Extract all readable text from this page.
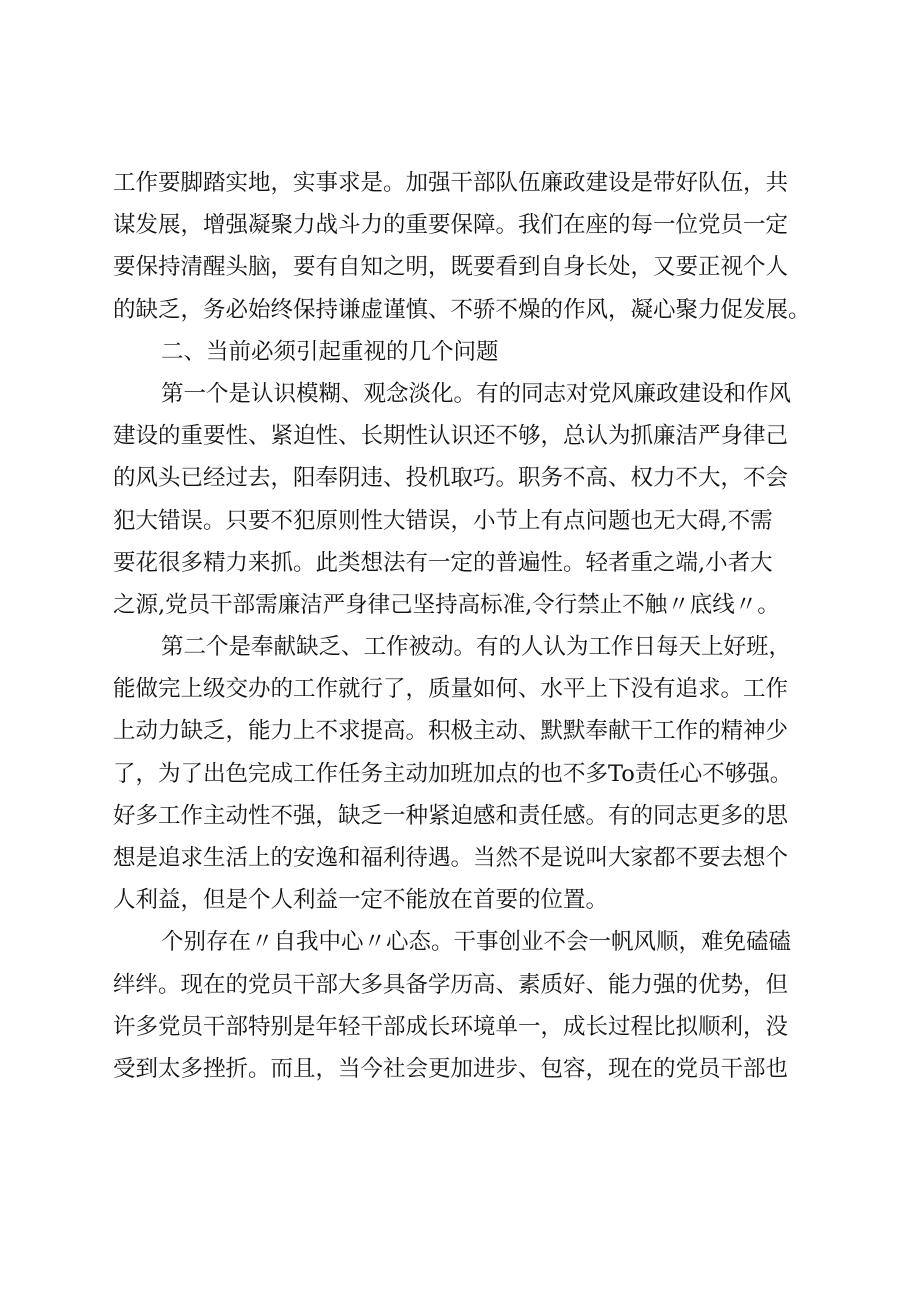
工作要脚踏实地，实事求是。加强干部队伍廉政建设是带好队伍，共
谋发展，增强凝聚力战斗力的重要保障。我们在座的每一位党员一定
要保持清醒头脑，要有自知之明，既要看到自身长处，又要正视个人
的缺乏，务必始终保持谦虚谨慎、不骄不燥的作风，凝心聚力促发展。
二、当前必须引起重视的几个问题
第一个是认识模糊、观念淡化。有的同志对党风廉政建设和作风
建设的重要性、紧迫性、长期性认识还不够，总认为抓廉洁严身律己
的风头已经过去，阳奉阴违、投机取巧。职务不高、权力不大，不会
犯大错误。只要不犯原则性大错误，小节上有点问题也无大碍,不需
要花很多精力来抓。此类想法有一定的普遍性。轻者重之端,小者大
之源,党员干部需廉洁严身律己坚持高标准,令行禁止不触〃底线〃。
第二个是奉献缺乏、工作被动。有的人认为工作日每天上好班，
能做完上级交办的工作就行了，质量如何、水平上下没有追求。工作
上动力缺乏，能力上不求提高。积极主动、默默奉献干工作的精神少
了，为了出色完成工作任务主动加班加点的也不多To责任心不够强。
好多工作主动性不强，缺乏一种紧迫感和责任感。有的同志更多的思
想是追求生活上的安逸和福利待遇。当然不是说叫大家都不要去想个
人利益，但是个人利益一定不能放在首要的位置。
个别存在〃自我中心〃心态。干事创业不会一帆风顺，难免磕磕
绊绊。现在的党员干部大多具备学历高、素质好、能力强的优势，但
许多党员干部特别是年轻干部成长环境单一，成长过程比拟顺利，没
受到太多挫折。而且，当今社会更加进步、包容，现在的党员干部也
